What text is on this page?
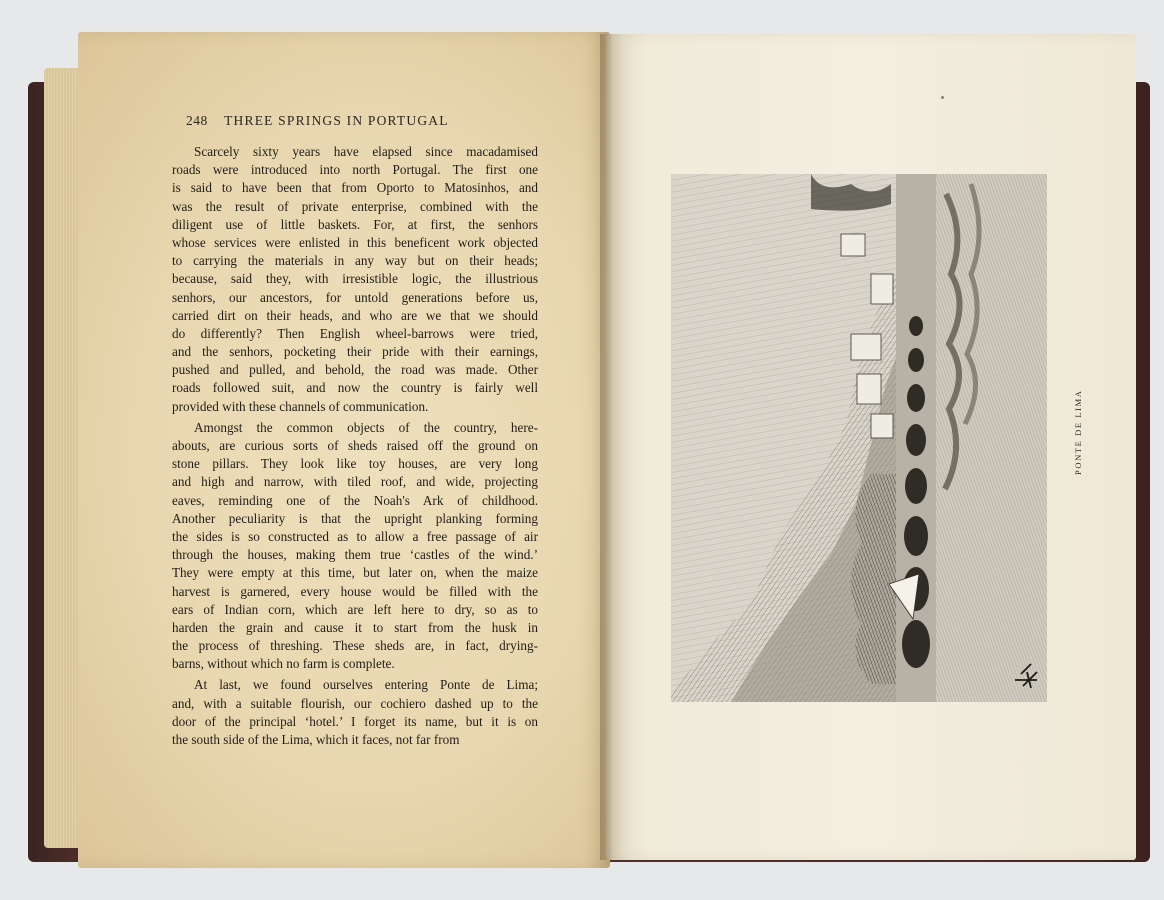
248 THREE SPRINGS IN PORTUGAL
Scarcely sixty years have elapsed since macadamised
roads were introduced into north Portugal. The first one
is said to have been that from Oporto to Matosinhos, and
was the result of private enterprise, combined with the
diligent use of little baskets. For, at first, the senhors
whose services were enlisted in this beneficent work objected
to carrying the materials in any way but on their heads;
because, said they, with irresistible logic, the illustrious
senhors, our ancestors, for untold generations before us,
carried dirt on their heads, and who are we that we should
do differently? Then English wheel-barrows were tried,
and the senhors, pocketing their pride with their earnings,
pushed and pulled, and behold, the road was made. Other
roads followed suit, and now the country is fairly well
provided with these channels of communication.
Amongst the common objects of the country, here-
abouts, are curious sorts of sheds raised off the ground on
stone pillars. They look like toy houses, are very long
and high and narrow, with tiled roof, and wide, projecting
eaves, reminding one of the Noah's Ark of childhood.
Another peculiarity is that the upright planking forming
the sides is so constructed as to allow a free passage of air
through the houses, making them true ‘castles of the wind.’
They were empty at this time, but later on, when the maize
harvest is garnered, every house would be filled with the
ears of Indian corn, which are left here to dry, so as to
harden the grain and cause it to start from the husk in
the process of threshing. These sheds are, in fact, drying-
barns, without which no farm is complete.
At last, we found ourselves entering Ponte de Lima;
and, with a suitable flourish, our cochiero dashed up to the
door of the principal ‘hotel.’ I forget its name, but it is on
the south side of the Lima, which it faces, not far from
PONTE DE LIMA
